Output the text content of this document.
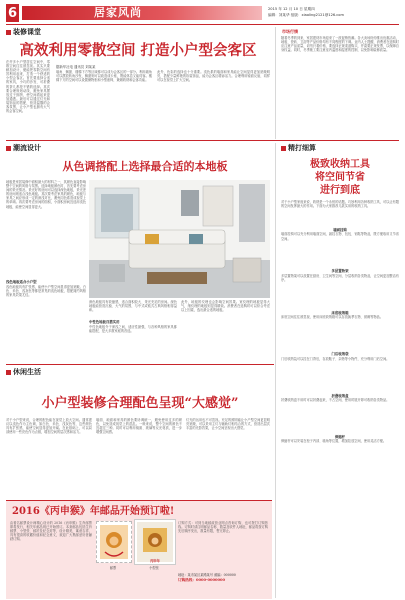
6	居家风尚	2015 年 12 月 10 日 星期四
编辑：刘某华 组版：xiaoling2121@126.com
装修课堂
高效利用零散空间 打造小户型会客区
据新华社电 通讯员 刘某某
在许多小户型居住空间中，零散空间往往被忽视。其实只要稍加设计，便能把零散空间有效利用起来，打造一个舒适的小型会客区。首先要选择合适的家具，小巧的沙发、可折叠的茶几都是不错的选择。其次要合理规划动线，避免家具摆放过于拥挤，使空间看起来更加通透。最后可以通过灯光和装饰品的搭配，营造温馨的会客氛围，让小户型也拥有大气的会客空间。
墙角、飘窗、楼梯下方等区域都可以成为会客区的一部分。利用墙角可以摆放转角沙发，飘窗则可以改造成卡座，既能休息又能待客。楼梯下方的空间可以设置储物柜和小型座椅，兼顾收纳和会客功能。
此外，色彩的选择也十分重要。浅色系的墙面和家具能让空间显得更加宽敞明亮，搭配少量鲜艳的软装饰品，能为会客区增添活力。合理利用镜面反射，同样可以在视觉上扩大空间。
市场行情
随着冬季的到来，家居建材市场迎来了一波促销热潮。各大卖场纷纷推出优惠活动，地板、瓷砖、卫浴等产品价格均有不同程度的下调。业内人士提醒，消费者在选购时应注意产品质量，切勿只看价格，要选择正规渠道购买，并索要正规发票，以保障自身权益。同时，冬季施工要注意室内温度和湿度的控制，以免影响装修质量。
潮流设计
从色调搭配上选择最合适的本地板
地板是家居装修中面积最大的材料之一，其颜色直接影响整个空间的风格与氛围。选择地板颜色时，首先要考虑房间的采光情况。采光好的房间可以选择深色地板，采光差的房间则适合浅色地板。其次要考虑家具的颜色，地板与家具之间应形成一定的深浅对比，避免同色系造成视觉上的单调。再次要考虑房间的面积，小面积房间宜选用浅色地板，能使空间显得更大。
浅色地板适合小户型
浅色地板具有扩张感，能使小户型空间显得更加宽敞。白色、米色、浅灰色等都是常见的浅色地板，搭配简约风格的家具效果尤佳。
深色地板具有收缩感，适合面积较大、采光充足的房间。深色地板能营造沉稳、大气的氛围，与中式或欧式古典风格相得益彰。
中性色地板百搭实用
中性色地板介于深浅之间，适应性最强，与各种风格的家具都能搭配，是大多数家庭的首选。
此外，地板的纹理也会影响空间效果。宽纹理的地板显得大气，细纹理的地板则显得精致。消费者在选购时可以综合考虑以上因素，选出最合适的地板。
精打细算
极致收纳工具
将空间节省
进行到底
对于小户型家庭来说，收纳是一个永恒的话题。巧妙利用各种收纳工具，可以让有限的空间发挥最大的作用。下面为大家推荐几款实用的收纳工具。
墙面挂钩
墙面挂钩可以充分利用墙面空间，悬挂衣物、包包、钥匙等物品，既方便取用又节省空间。
多层置物架
多层置物架可以放置在厨房、卫生间等空间，分层收纳各类物品，让空间更加整洁有序。
床底收纳箱
床底空间往往被忽视，使用床底收纳箱可以存放换季衣物、被褥等物品。
门后收纳袋
门后收纳袋可以挂在门背后，存放鞋子、杂物等小物件，充分利用门后空间。
折叠收纳盒
折叠收纳盒不用时可以折叠起来，不占空间，使用时展开即可收纳各类物品。
伸缩杆
伸缩杆可以安装在柜子内部、墙角等位置，增加挂放空间，使用灵活方便。
休闲生活
小户型装修合理配色呈现“大感觉”
对于小户型来说，合理的配色能在视觉上放大空间。通常建议以浅色作为主色调，如白色、米色、浅灰色等，这些颜色具有扩张感，能使空间显得更加开阔。在此基础上，可以局部使用一些亮色作为点缀，增加空间的层次感和活力。
墙面、地面和家具的颜色要协调统一，避免使用过多的颜色，以免造成视觉上的混乱。一般来说，整个空间的颜色不宜超过三种。同时可以利用镜面、玻璃等反光材质，进一步增强空间感。
灯光的运用也不可忽视。充足的照明能让小户型空间更显明亮宽敞，可以采用主灯与辅助灯相结合的方式，营造出层次丰富的光影效果，让小空间呈现出大感觉。
2016《丙申猴》年邮品开始预订啦!
由著名邮票设计师精心设计的 2016《丙申猴》生肖邮票即将发行，相关年邮品现已开始预订。本套邮品包括生肖邮票、小型张、邮折及纪念封等，设计精美，寓意吉祥，具有很高的收藏价值和纪念意义，欢迎广大集邮爱好者踊跃订购。
丙申年
邮票	小型张
订购方式：可到当地邮政营业网点咨询订购，也可拨打订购热线。订购时请注明邮品名称、数量及收件人地址，邮品将按订购先后顺序发出，数量有限，售完即止。
地址：某市某区某路某号 邮编：000000
订购热线：0000-0000000
